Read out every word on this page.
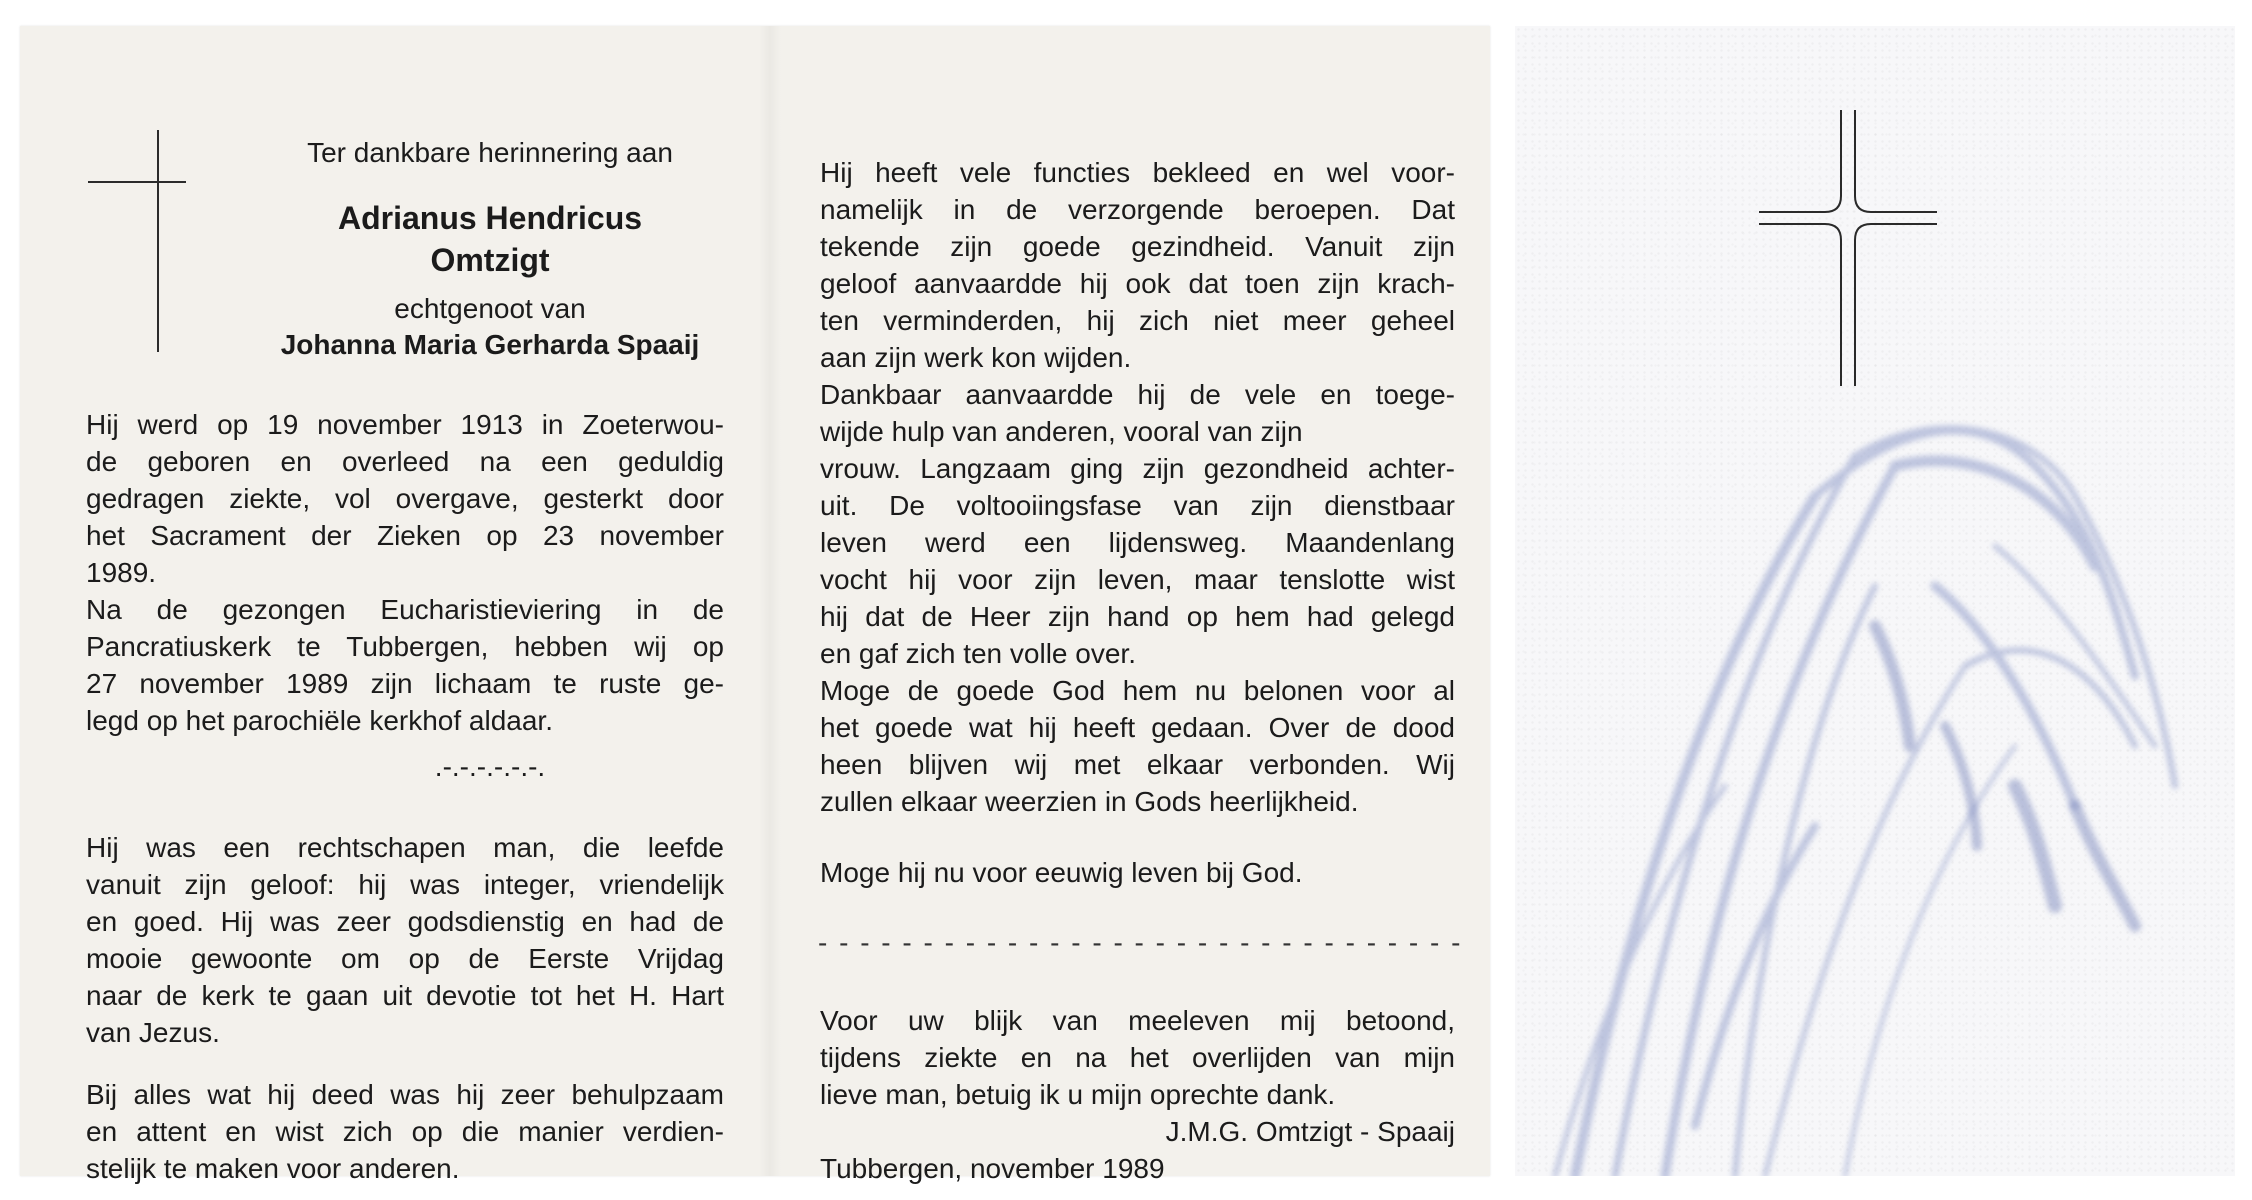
Ter dankbare herinnering aan
Adrianus Hendricus
Omtzigt
echtgenoot van
Johanna Maria Gerharda Spaaij
Hij werd op 19 november 1913 in Zoeterwou-
de geboren en overleed na een geduldig
gedragen ziekte, vol overgave, gesterkt door
het Sacrament der Zieken op 23 november
1989.
Na de gezongen Eucharistieviering in de
Pancratiuskerk te Tubbergen, hebben wij op
27 november 1989 zijn lichaam te ruste ge-
legd op het parochiële kerkhof aldaar.
.-.-.-.-.-.-.
Hij was een rechtschapen man, die leefde
vanuit zijn geloof: hij was integer, vriendelijk
en goed. Hij was zeer godsdienstig en had de
mooie gewoonte om op de Eerste Vrijdag
naar de kerk te gaan uit devotie tot het H. Hart
van Jezus.
Bij alles wat hij deed was hij zeer behulpzaam
en attent en wist zich op die manier verdien-
stelijk te maken voor anderen.
Hij heeft vele functies bekleed en wel voor-
namelijk in de verzorgende beroepen. Dat
tekende zijn goede gezindheid. Vanuit zijn
geloof aanvaardde hij ook dat toen zijn krach-
ten verminderden, hij zich niet meer geheel
aan zijn werk kon wijden.
Dankbaar aanvaardde hij de vele en toege-
wijde hulp van anderen, vooral van zijn
vrouw. Langzaam ging zijn gezondheid achter-
uit. De voltooiingsfase van zijn dienstbaar
leven werd een lijdensweg. Maandenlang
vocht hij voor zijn leven, maar tenslotte wist
hij dat de Heer zijn hand op hem had gelegd
en gaf zich ten volle over.
Moge de goede God hem nu belonen voor al
het goede wat hij heeft gedaan. Over de dood
heen blijven wij met elkaar verbonden. Wij
zullen elkaar weerzien in Gods heerlijkheid.
Moge hij nu voor eeuwig leven bij God.
- - - - - - - - - - - - - - - - - - - - - - - - - - - - - - -
Voor uw blijk van meeleven mij betoond,
tijdens ziekte en na het overlijden van mijn
lieve man, betuig ik u mijn oprechte dank.
J.M.G. Omtzigt - Spaaij
Tubbergen, november 1989
